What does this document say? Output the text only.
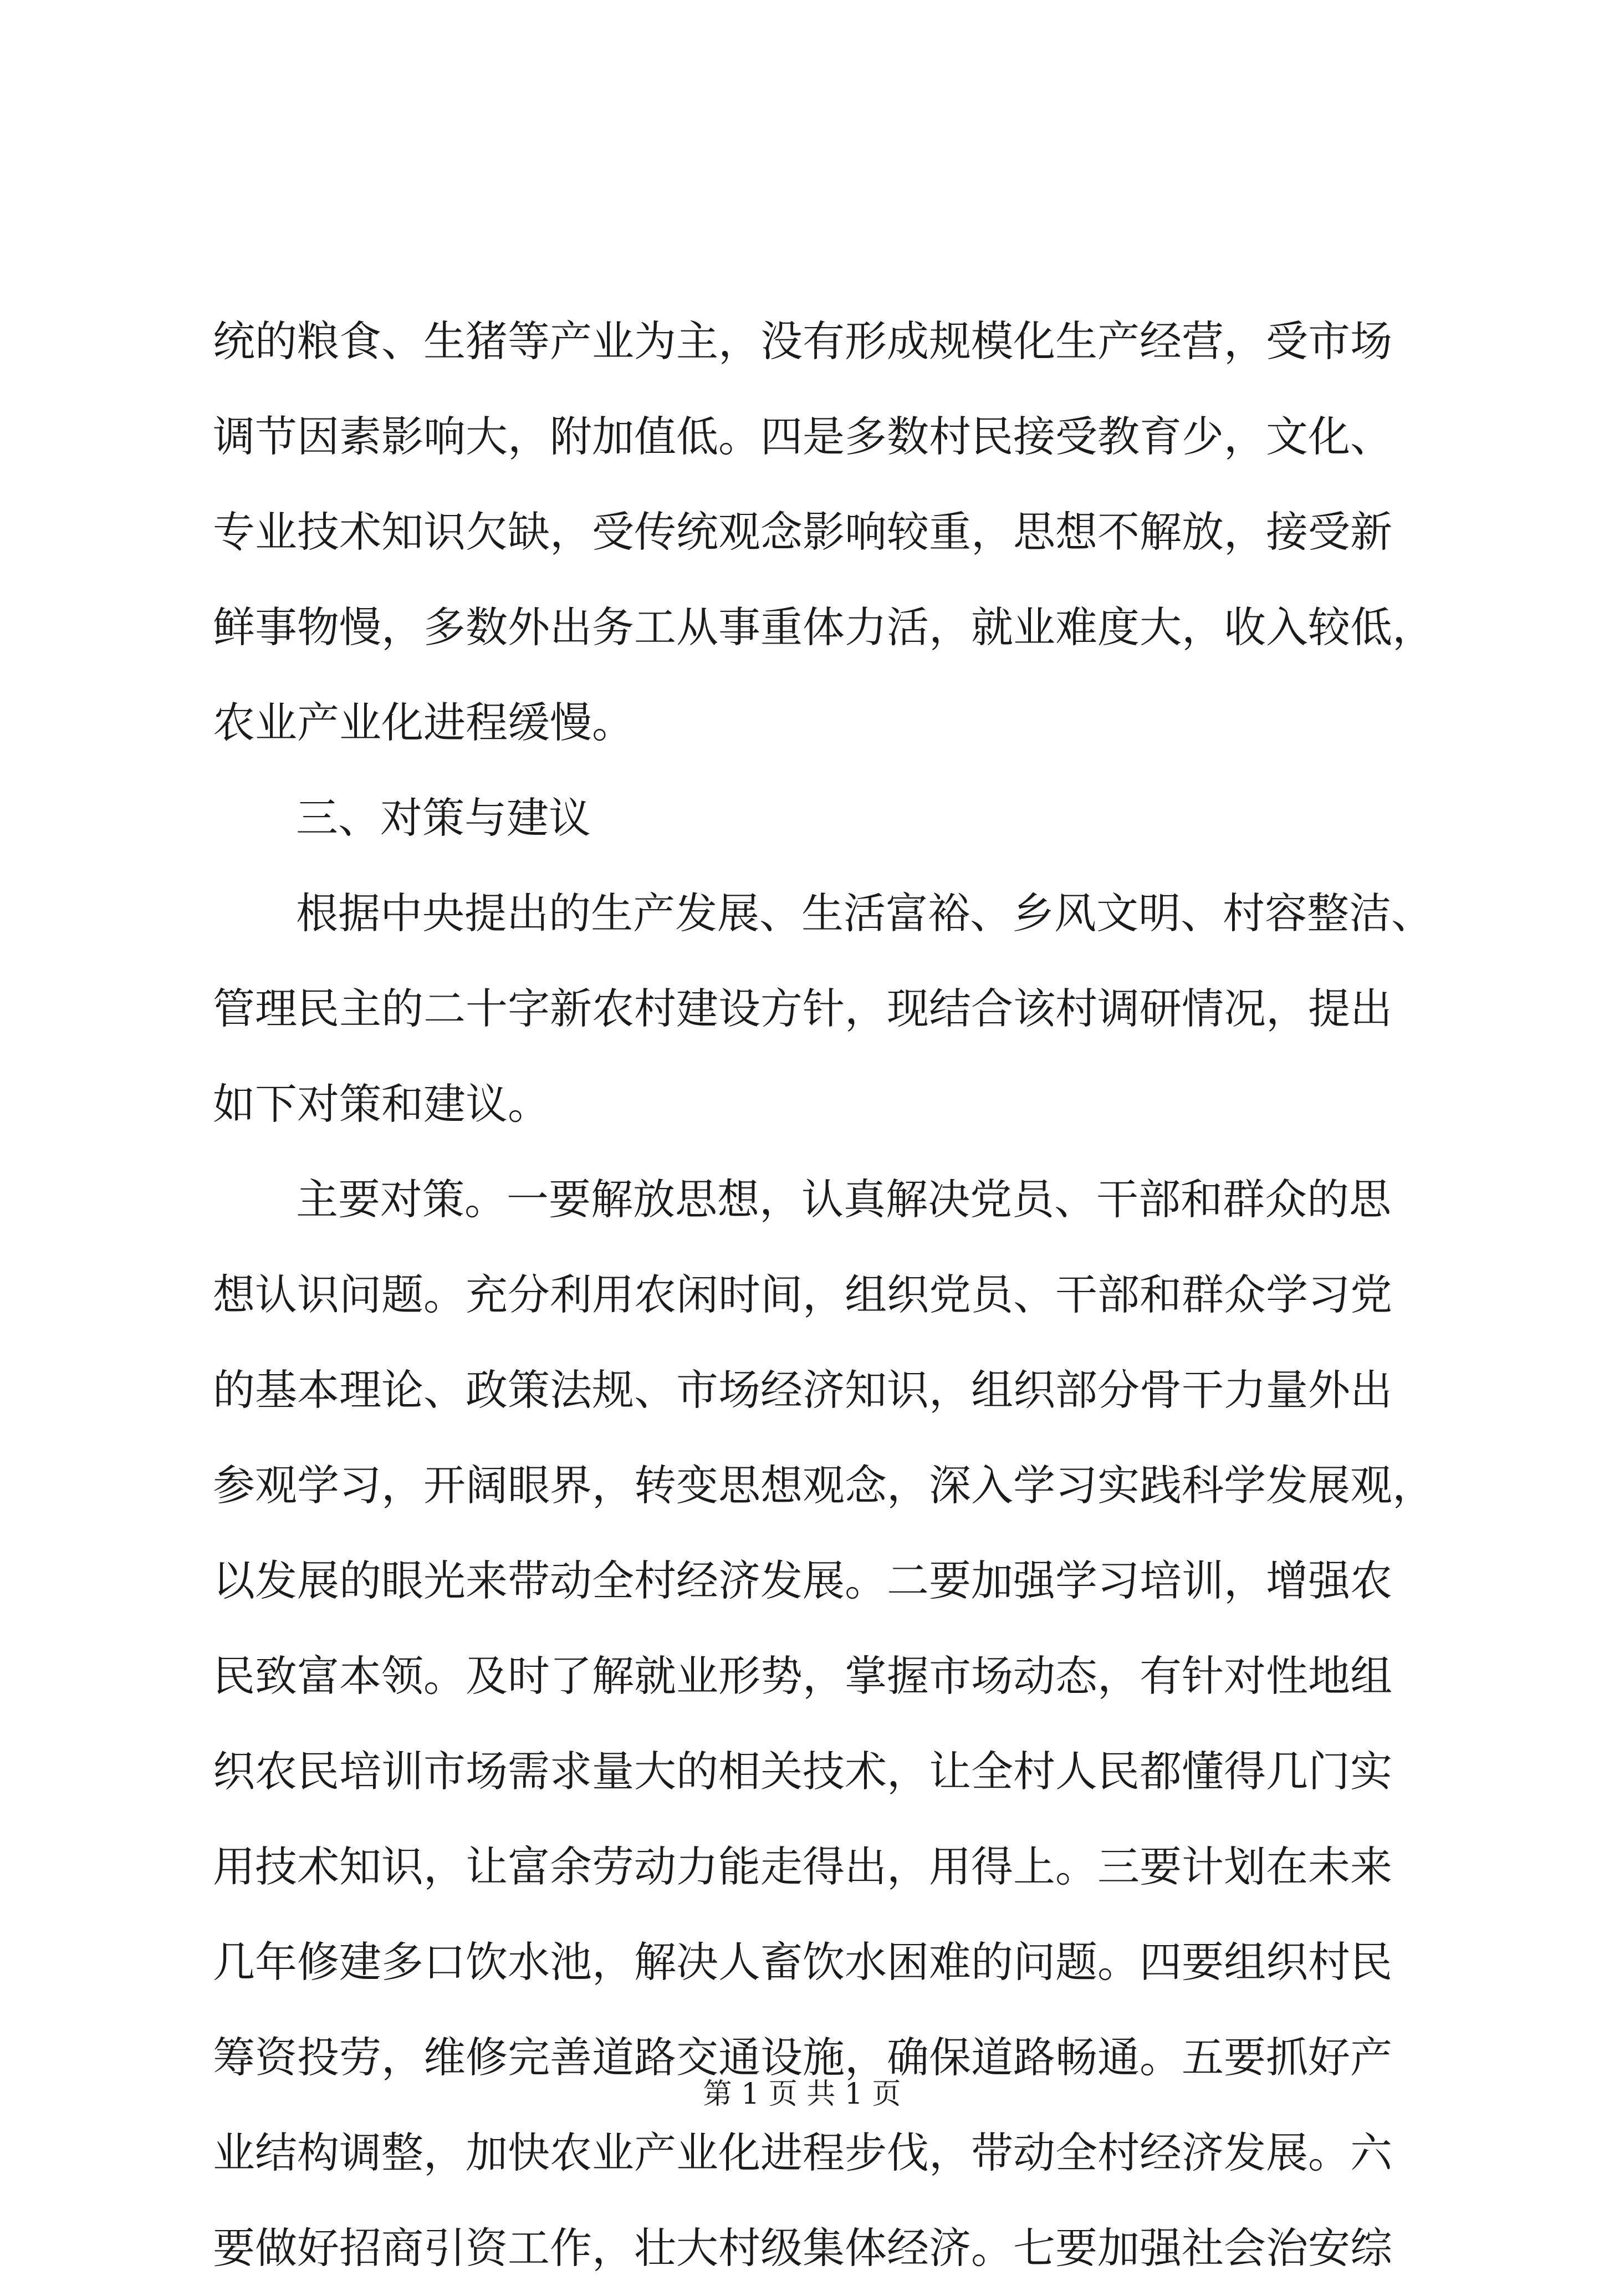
统的粮食、生猪等产业为主，没有形成规模化生产经营，受市场
调节因素影响大，附加值低。四是多数村民接受教育少，文化、
专业技术知识欠缺，受传统观念影响较重，思想不解放，接受新
鲜事物慢，多数外出务工从事重体力活，就业难度大，收入较低，
农业产业化进程缓慢。
三、对策与建议
根据中央提出的生产发展、生活富裕、乡风文明、村容整洁、
管理民主的二十字新农村建设方针，现结合该村调研情况，提出
如下对策和建议。
主要对策。一要解放思想，认真解决党员、干部和群众的思
想认识问题。充分利用农闲时间，组织党员、干部和群众学习党
的基本理论、政策法规、市场经济知识，组织部分骨干力量外出
参观学习，开阔眼界，转变思想观念，深入学习实践科学发展观，
以发展的眼光来带动全村经济发展。二要加强学习培训，增强农
民致富本领。及时了解就业形势，掌握市场动态，有针对性地组
织农民培训市场需求量大的相关技术，让全村人民都懂得几门实
用技术知识，让富余劳动力能走得出，用得上。三要计划在未来
几年修建多口饮水池，解决人畜饮水困难的问题。四要组织村民
筹资投劳，维修完善道路交通设施，确保道路畅通。五要抓好产
业结构调整，加快农业产业化进程步伐，带动全村经济发展。六
要做好招商引资工作，壮大村级集体经济。七要加强社会治安综
第 1 页 共 1 页
